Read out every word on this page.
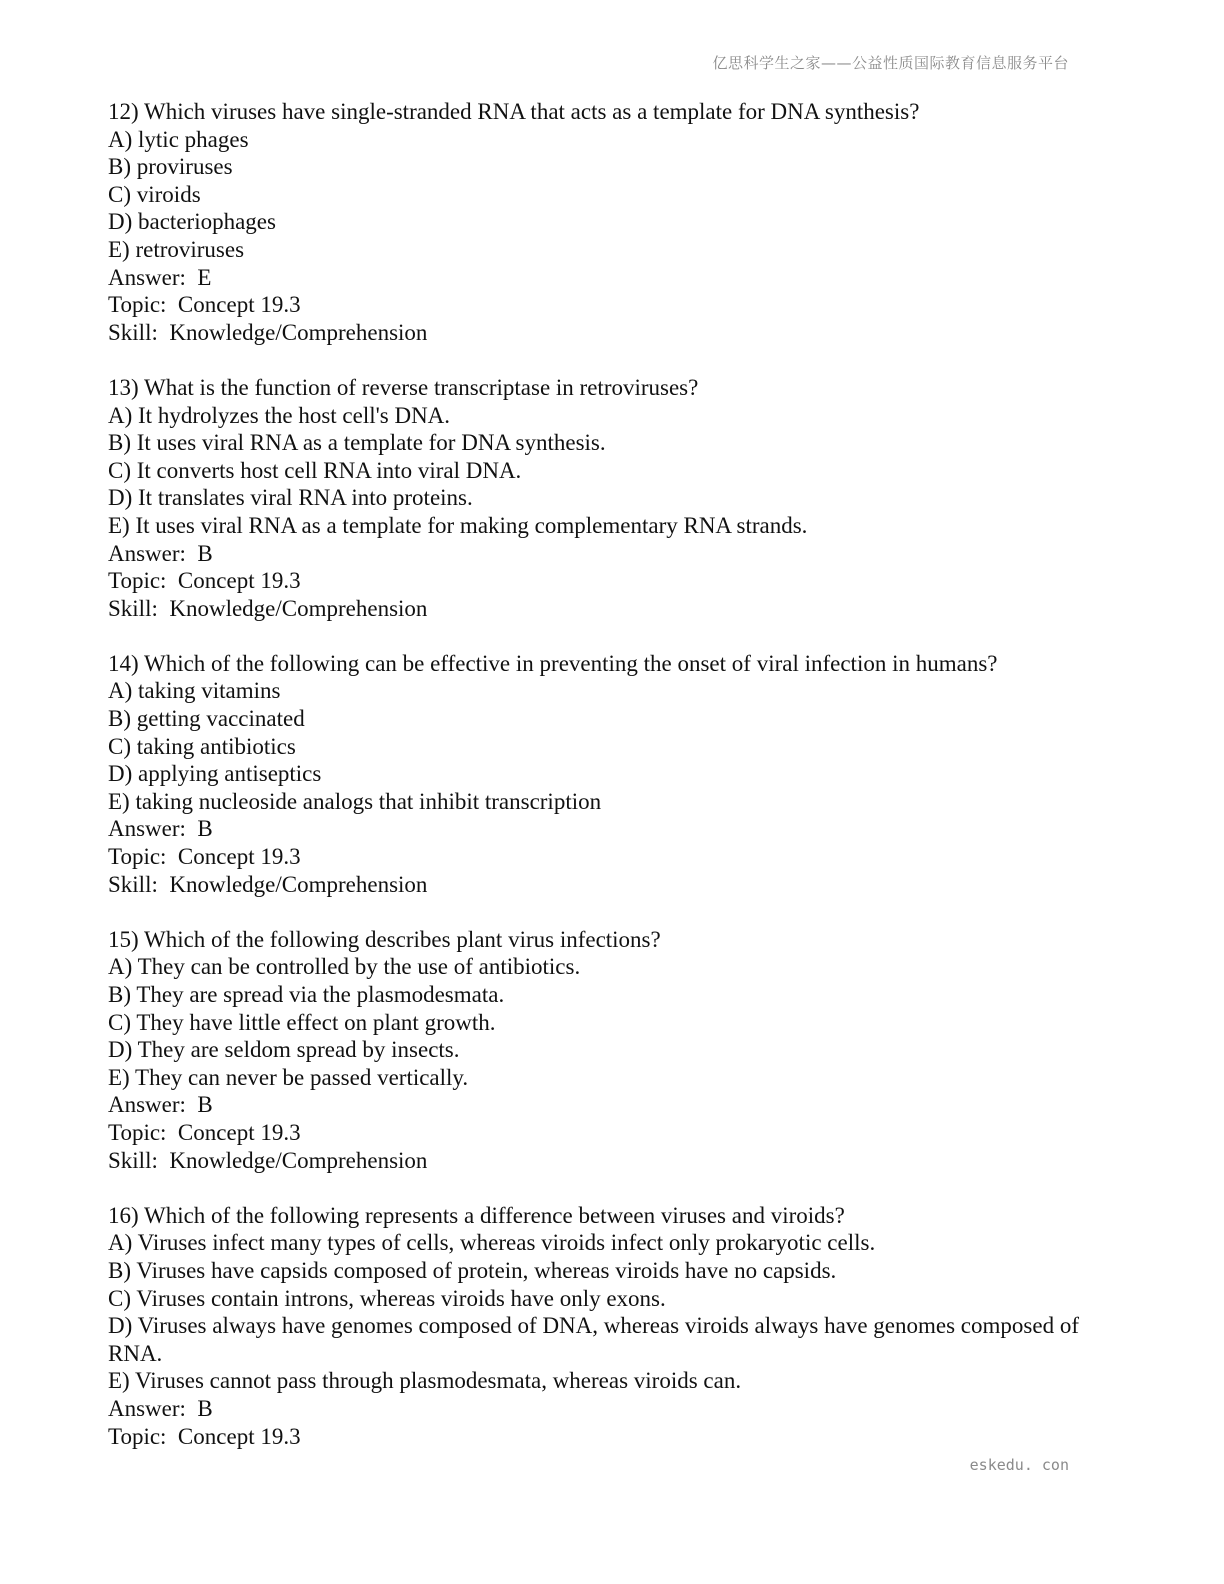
亿思科学生之家——公益性质国际教育信息服务平台
12) Which viruses have single-stranded RNA that acts as a template for DNA synthesis?
A) lytic phages
B) proviruses
C) viroids
D) bacteriophages
E) retroviruses
Answer:  E
Topic:  Concept 19.3
Skill:  Knowledge/Comprehension
13) What is the function of reverse transcriptase in retroviruses?
A) It hydrolyzes the host cell's DNA.
B) It uses viral RNA as a template for DNA synthesis.
C) It converts host cell RNA into viral DNA.
D) It translates viral RNA into proteins.
E) It uses viral RNA as a template for making complementary RNA strands.
Answer:  B
Topic:  Concept 19.3
Skill:  Knowledge/Comprehension
14) Which of the following can be effective in preventing the onset of viral infection in humans?
A) taking vitamins
B) getting vaccinated
C) taking antibiotics
D) applying antiseptics
E) taking nucleoside analogs that inhibit transcription
Answer:  B
Topic:  Concept 19.3
Skill:  Knowledge/Comprehension
15) Which of the following describes plant virus infections?
A) They can be controlled by the use of antibiotics.
B) They are spread via the plasmodesmata.
C) They have little effect on plant growth.
D) They are seldom spread by insects.
E) They can never be passed vertically.
Answer:  B
Topic:  Concept 19.3
Skill:  Knowledge/Comprehension
16) Which of the following represents a difference between viruses and viroids?
A) Viruses infect many types of cells, whereas viroids infect only prokaryotic cells.
B) Viruses have capsids composed of protein, whereas viroids have no capsids.
C) Viruses contain introns, whereas viroids have only exons.
D) Viruses always have genomes composed of DNA, whereas viroids always have genomes composed of RNA.
E) Viruses cannot pass through plasmodesmata, whereas viroids can.
Answer:  B
Topic:  Concept 19.3
eskedu. con
